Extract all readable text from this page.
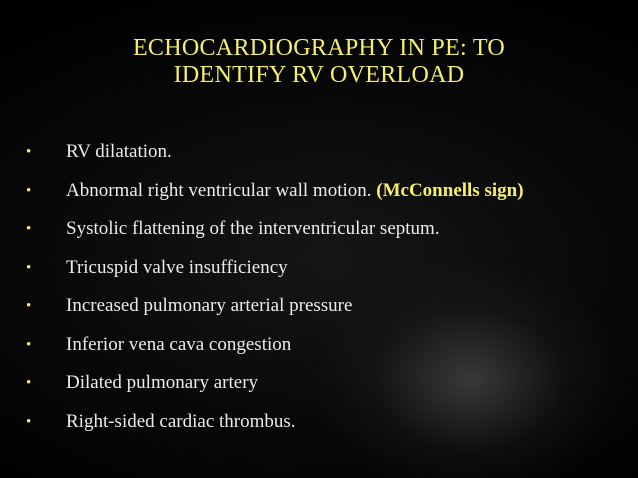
ECHOCARDIOGRAPHY IN PE: TO
IDENTIFY RV OVERLOAD
• RV dilatation.
• Abnormal right ventricular wall motion. (McConnells sign)
• Systolic flattening of the interventricular septum.
• Tricuspid valve insufficiency
• Increased pulmonary arterial pressure
• Inferior vena cava congestion
• Dilated pulmonary artery
• Right-sided cardiac thrombus.
